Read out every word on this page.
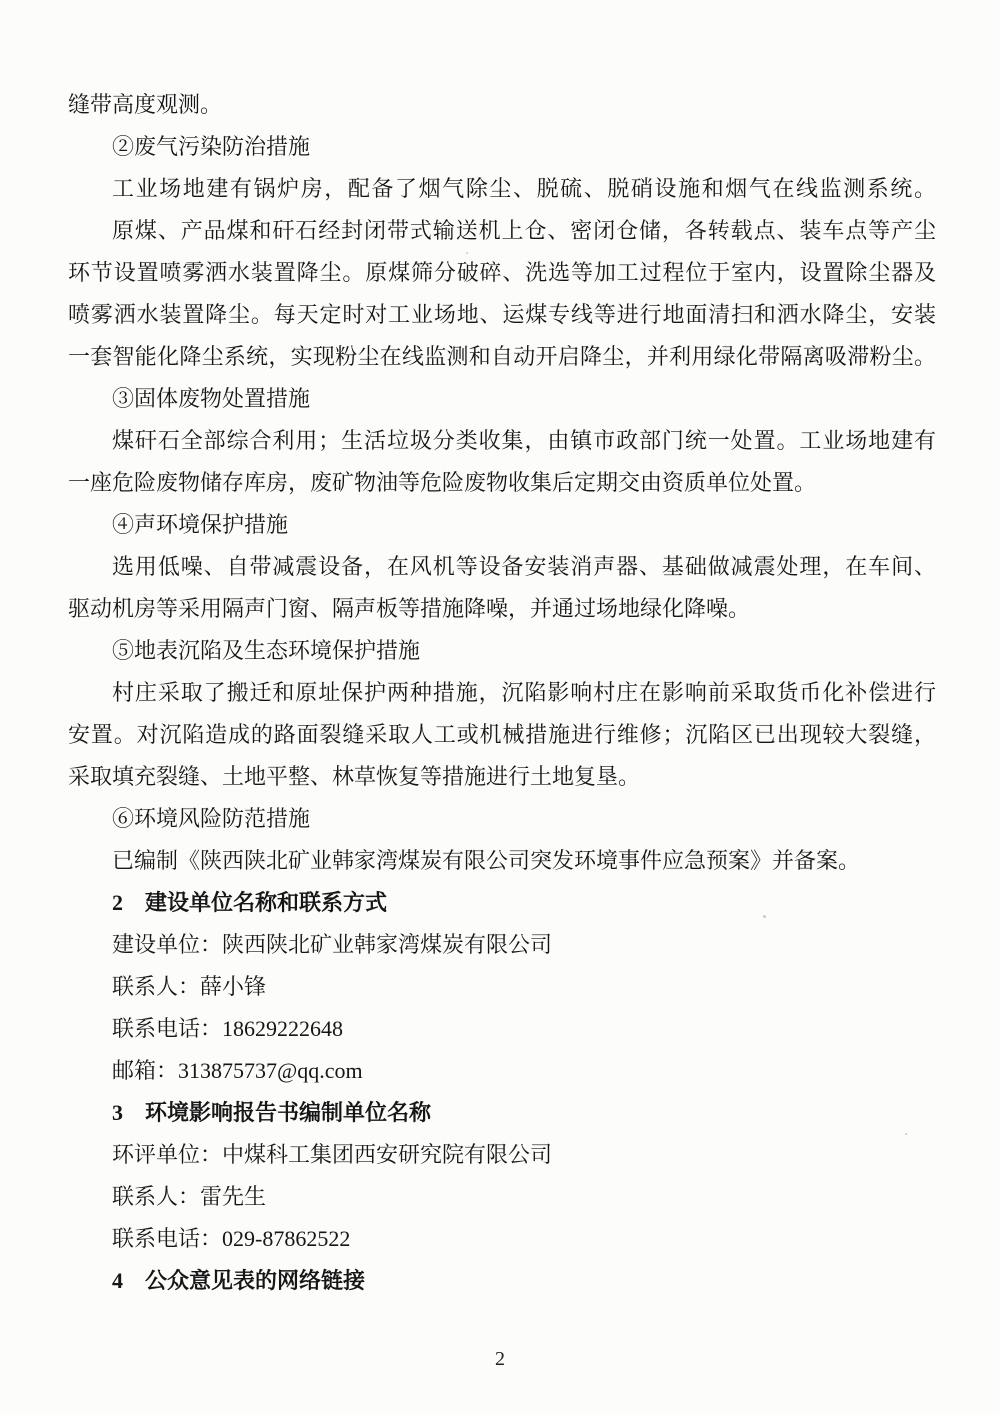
缝带高度观测。
②废气污染防治措施
工业场地建有锅炉房，配备了烟气除尘、脱硫、脱硝设施和烟气在线监测系统。
原煤、产品煤和矸石经封闭带式输送机上仓、密闭仓储，各转载点、装车点等产尘
环节设置喷雾洒水装置降尘。原煤筛分破碎、洗选等加工过程位于室内，设置除尘器及
喷雾洒水装置降尘。每天定时对工业场地、运煤专线等进行地面清扫和洒水降尘，安装
一套智能化降尘系统，实现粉尘在线监测和自动开启降尘，并利用绿化带隔离吸滞粉尘。
③固体废物处置措施
煤矸石全部综合利用；生活垃圾分类收集，由镇市政部门统一处置。工业场地建有
一座危险废物储存库房，废矿物油等危险废物收集后定期交由资质单位处置。
④声环境保护措施
选用低噪、自带减震设备，在风机等设备安装消声器、基础做减震处理，在车间、
驱动机房等采用隔声门窗、隔声板等措施降噪，并通过场地绿化降噪。
⑤地表沉陷及生态环境保护措施
村庄采取了搬迁和原址保护两种措施，沉陷影响村庄在影响前采取货币化补偿进行
安置。对沉陷造成的路面裂缝采取人工或机械措施进行维修；沉陷区已出现较大裂缝，
采取填充裂缝、土地平整、林草恢复等措施进行土地复垦。
⑥环境风险防范措施
已编制《陕西陕北矿业韩家湾煤炭有限公司突发环境事件应急预案》并备案。
2　建设单位名称和联系方式
建设单位：陕西陕北矿业韩家湾煤炭有限公司
联系人：薛小锋
联系电话：18629222648
邮箱：313875737@qq.com
3　环境影响报告书编制单位名称
环评单位：中煤科工集团西安研究院有限公司
联系人：雷先生
联系电话：029-87862522
4　公众意见表的网络链接
2
